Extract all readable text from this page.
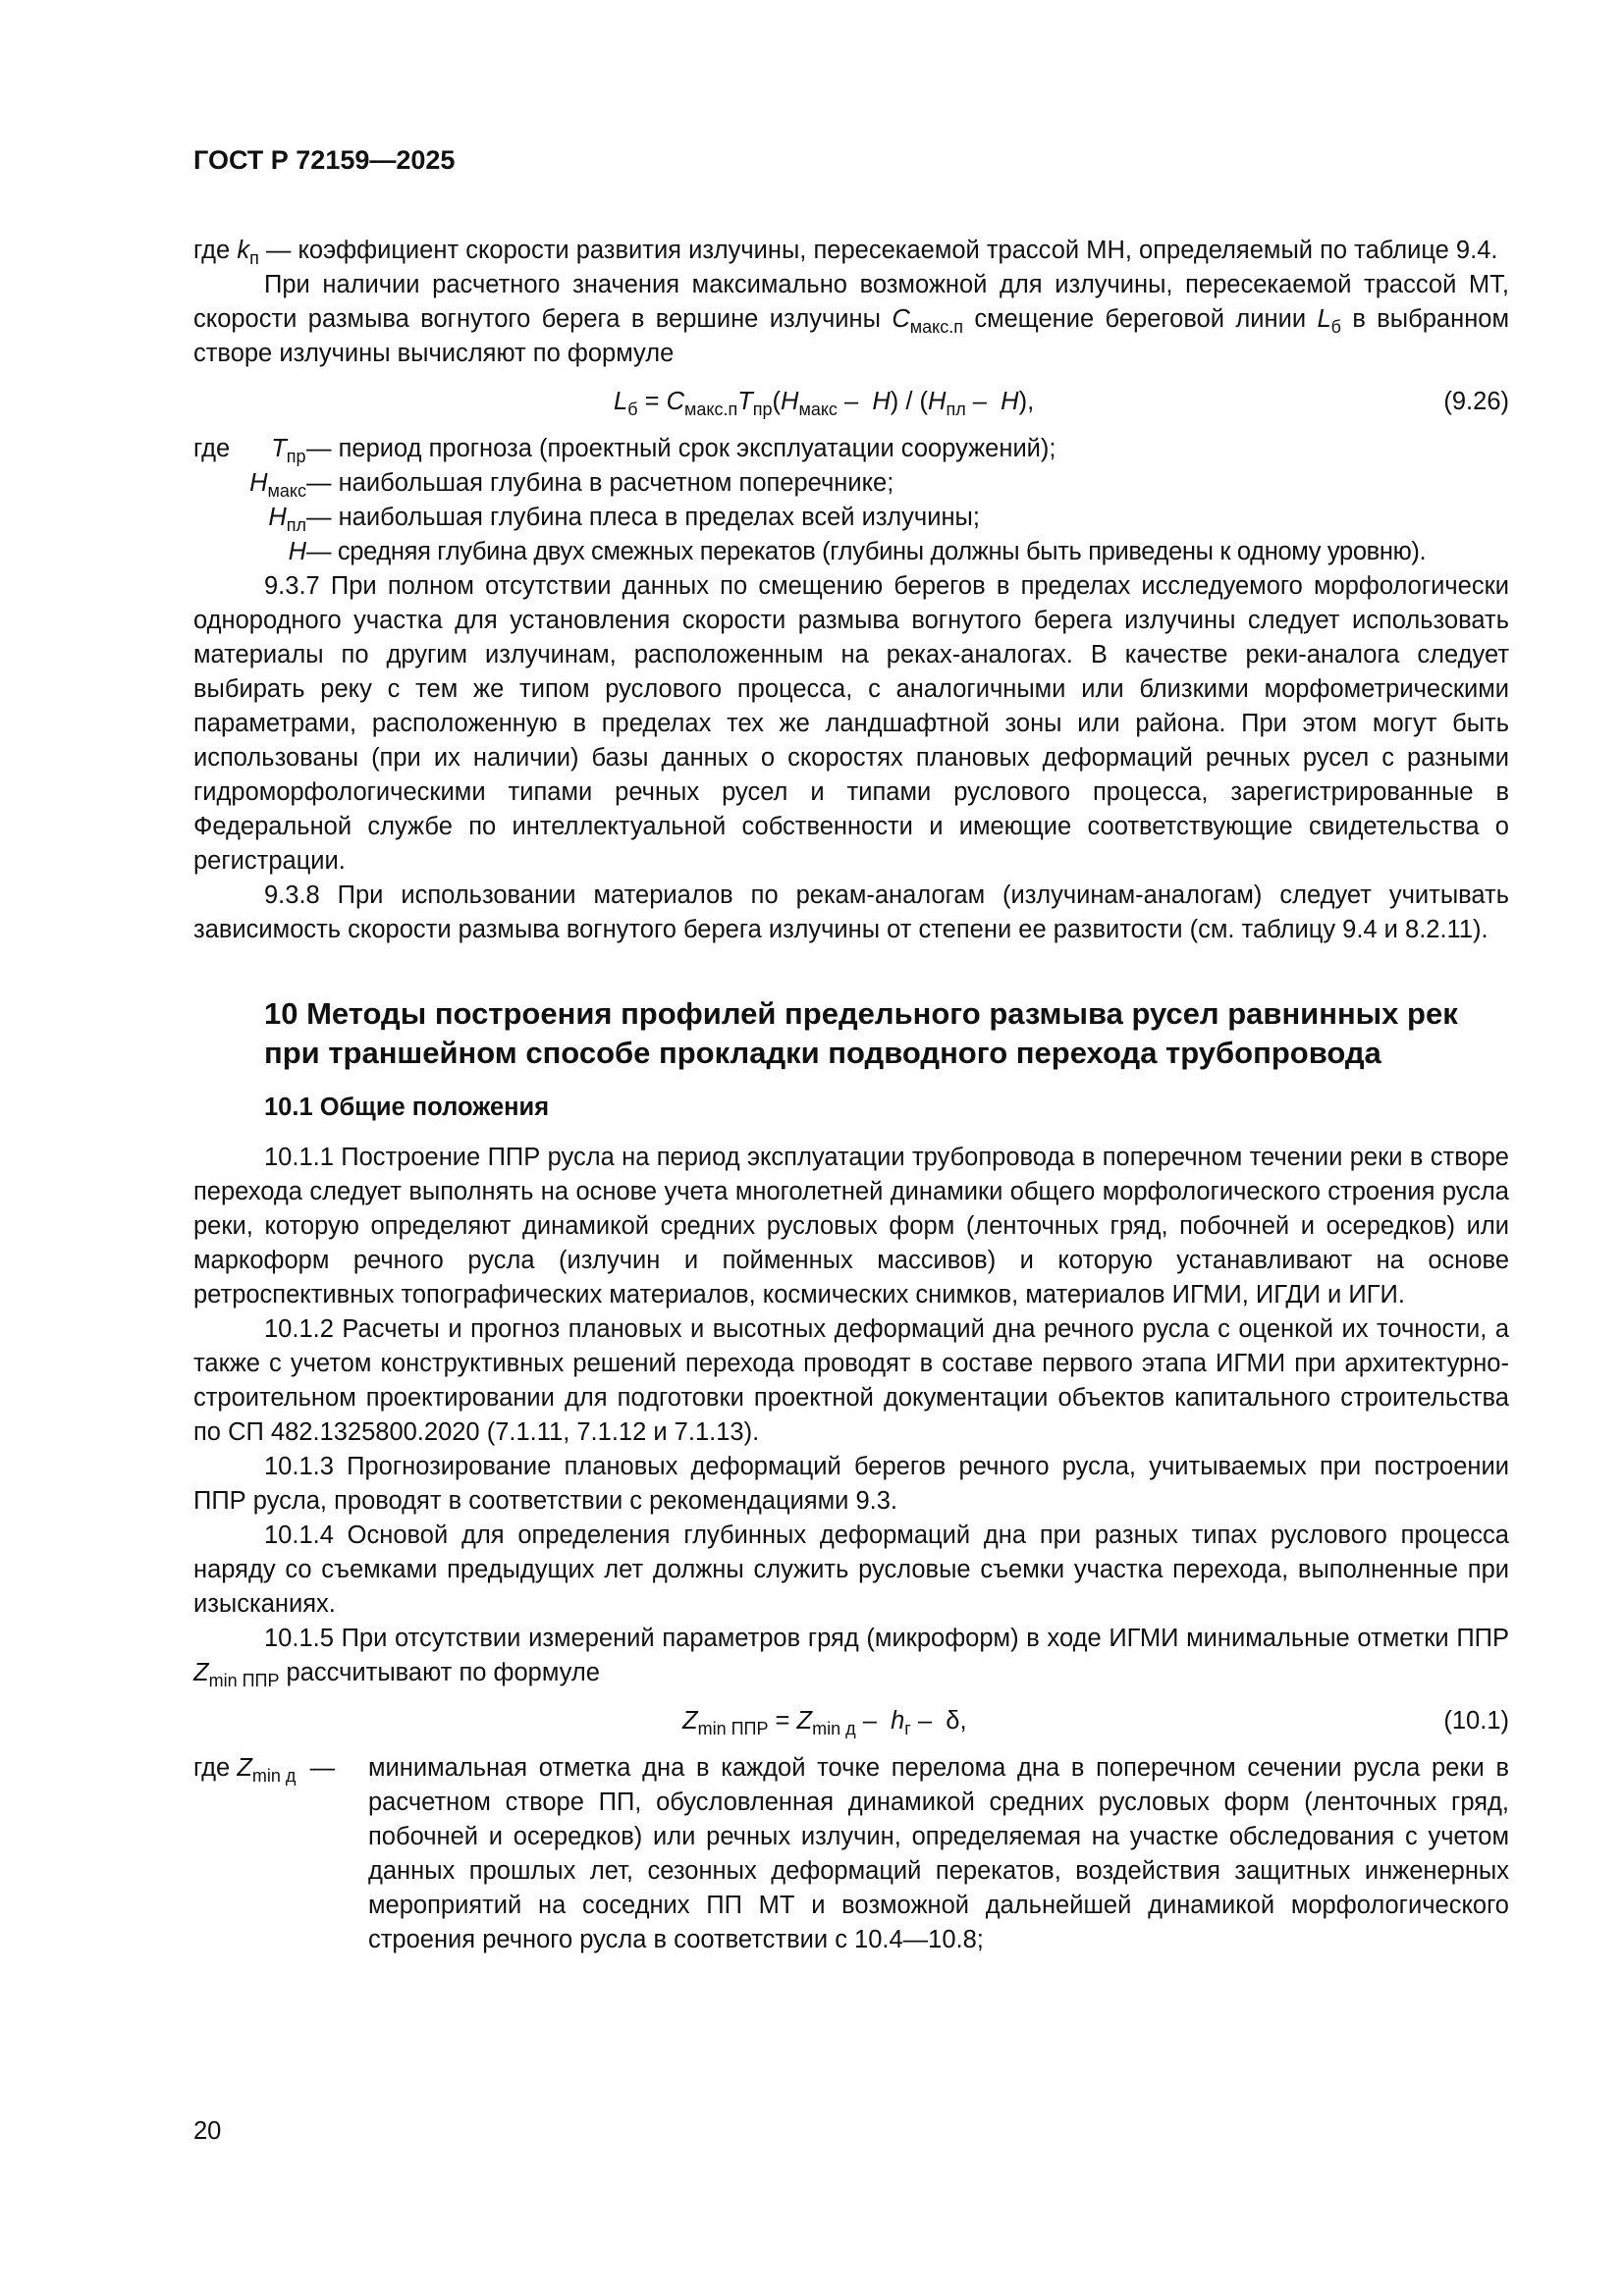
ГОСТ Р 72159—2025
где $k_п$ — коэффициент скорости развития излучины, пересекаемой трассой МН, определяемый по таблице 9.4.

При наличии расчетного значения максимально возможной для излучины, пересекаемой трассой МТ, скорости размыва вогнутого берега в вершине излучины $С_{макс.п}$ смещение береговой линии $L_б$ в выбранном створе излучины вычисляют по формуле

$L_б = С_{макс.п}Т_{пр}(Н_{макс} - Н) / (Н_{пл} - Н)$,	(9.26)
где $Т_{пр}$ — период прогноза (проектный срок эксплуатации сооружений);
$Н_{макс}$ — наибольшая глубина в расчетном поперечнике;
$Н_{пл}$ — наибольшая глубина плеса в пределах всей излучины;
Н — средняя глубина двух смежных перекатов (глубины должны быть приведены к одному уровню).

9.3.7 При полном отсутствии данных по смещению берегов в пределах исследуемого морфологически однородного участка для установления скорости размыва вогнутого берега излучины следует использовать материалы по другим излучинам, расположенным на реках-аналогах. В качестве реки-аналога следует выбирать реку с тем же типом руслового процесса, с аналогичными или близкими морфометрическими параметрами, расположенную в пределах тех же ландшафтной зоны или района. При этом могут быть использованы (при их наличии) базы данных о скоростях плановых деформаций речных русел с разными гидроморфологическими типами речных русел и типами руслового процесса, зарегистрированные в Федеральной службе по интеллектуальной собственности и имеющие соответствующие свидетельства о регистрации.

9.3.8 При использовании материалов по рекам-аналогам (излучинам-аналогам) следует учитывать зависимость скорости размыва вогнутого берега излучины от степени ее развитости (см. таблицу 9.4 и 8.2.11).

10 Методы построения профилей предельного размыва русел равнинных рек при траншейном способе прокладки подводного перехода трубопровода
10.1 Общие положения

10.1.1 Построение ППР русла на период эксплуатации трубопровода в поперечном течении реки в створе перехода следует выполнять на основе учета многолетней динамики общего морфологического строения русла реки, которую определяют динамикой средних русловых форм (ленточных гряд, побочней и осередков) или маркоформ речного русла (излучин и пойменных массивов) и которую устанавливают на основе ретроспективных топографических материалов, космических снимков, материалов ИГМИ, ИГДИ и ИГИ.

10.1.2 Расчеты и прогноз плановых и высотных деформаций дна речного русла с оценкой их точности, а также с учетом конструктивных решений перехода проводят в составе первого этапа ИГМИ при архитектурно-строительном проектировании для подготовки проектной документации объектов капитального строительства по СП 482.1325800.2020 (7.1.11, 7.1.12 и 7.1.13).

10.1.3 Прогнозирование плановых деформаций берегов речного русла, учитываемых при построении ППР русла, проводят в соответствии с рекомендациями 9.3.

10.1.4 Основой для определения глубинных деформаций дна при разных типах руслового процесса наряду со съемками предыдущих лет должны служить русловые съемки участка перехода, выполненные при изысканиях.

10.1.5 При отсутствии измерений параметров гряд (микроформ) в ходе ИГМИ минимальные отметки ППР $Z_{min ППР}$ рассчитывают по формуле

$Z_{min ППР} = Z_{min д} - h_г - \delta$,	(10.1)
где $Z_{min д}$  —	минимальная отметка дна в каждой точке перелома дна в поперечном сечении русла реки в расчетном створе ПП, обусловленная динамикой средних русловых форм (ленточных гряд, побочней и осередков) или речных излучин, определяемая на участке обследования с учетом данных прошлых лет, сезонных деформаций перекатов, воздействия защитных инженерных мероприятий на соседних ПП МТ и возможной дальнейшей динамикой морфологического строения речного русла в соответствии с 10.4—10.8;
20
